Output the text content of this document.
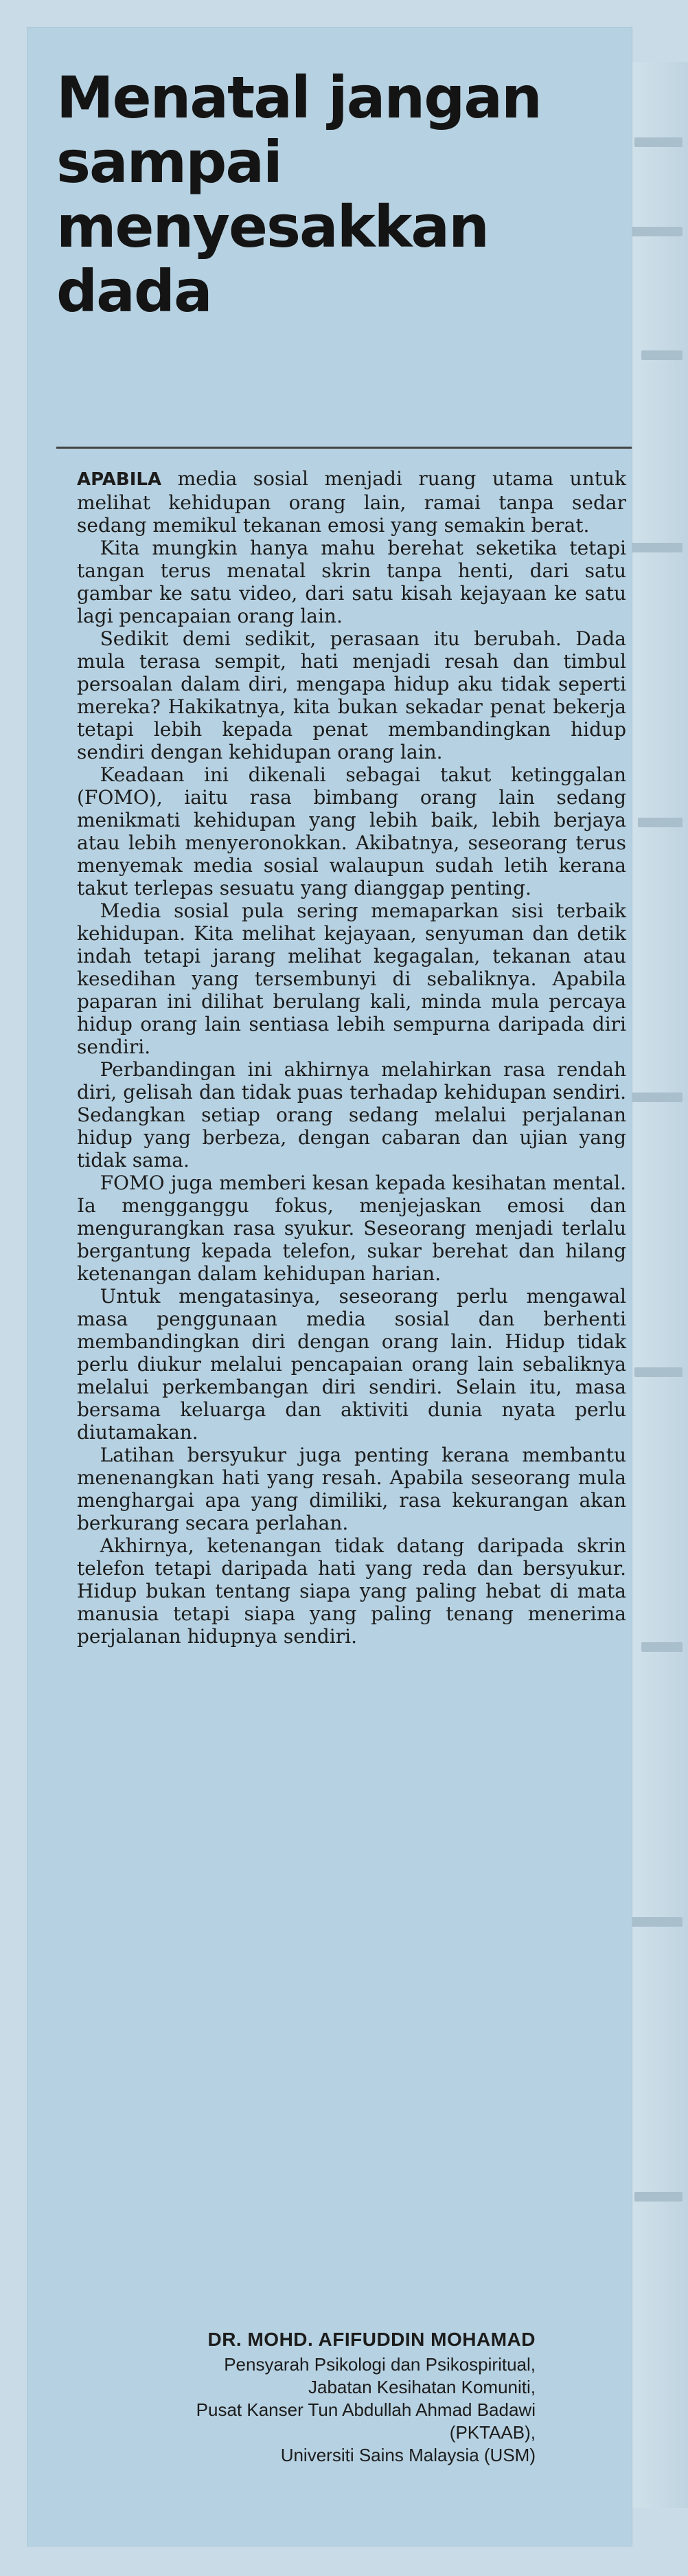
Menatal jangan sampai menyesakkan dada

APABILA media sosial menjadi ruang utama untuk melihat kehidupan orang lain, ramai tanpa sedar sedang memikul tekanan emosi yang semakin berat.

Kita mungkin hanya mahu berehat seketika tetapi tangan terus menatal skrin tanpa henti, dari satu gambar ke satu video, dari satu kisah kejayaan ke satu lagi pencapaian orang lain.

Sedikit demi sedikit, perasaan itu berubah. Dada mula terasa sempit, hati menjadi resah dan timbul persoalan dalam diri, mengapa hidup aku tidak seperti mereka? Hakikatnya, kita bukan sekadar penat bekerja tetapi lebih kepada penat membandingkan hidup sendiri dengan kehidupan orang lain.

Keadaan ini dikenali sebagai takut ketinggalan (FOMO), iaitu rasa bimbang orang lain sedang menikmati kehidupan yang lebih baik, lebih berjaya atau lebih menyeronokkan. Akibatnya, seseorang terus menyemak media sosial walaupun sudah letih kerana takut terlepas sesuatu yang dianggap penting.

Media sosial pula sering memaparkan sisi terbaik kehidupan. Kita melihat kejayaan, senyuman dan detik indah tetapi jarang melihat kegagalan, tekanan atau kesedihan yang tersembunyi di sebaliknya. Apabila paparan ini dilihat berulang kali, minda mula percaya hidup orang lain sentiasa lebih sempurna daripada diri sendiri.

Perbandingan ini akhirnya melahirkan rasa rendah diri, gelisah dan tidak puas terhadap kehidupan sendiri. Sedangkan setiap orang sedang melalui perjalanan hidup yang berbeza, dengan cabaran dan ujian yang tidak sama.

FOMO juga memberi kesan kepada kesihatan mental. Ia mengganggu fokus, menjejaskan emosi dan mengurangkan rasa syukur. Seseorang menjadi terlalu bergantung kepada telefon, sukar berehat dan hilang ketenangan dalam kehidupan harian.

Untuk mengatasinya, seseorang perlu mengawal masa penggunaan media sosial dan berhenti membandingkan diri dengan orang lain. Hidup tidak perlu diukur melalui pencapaian orang lain sebaliknya melalui perkembangan diri sendiri. Selain itu, masa bersama keluarga dan aktiviti dunia nyata perlu diutamakan.

Latihan bersyukur juga penting kerana membantu menenangkan hati yang resah. Apabila seseorang mula menghargai apa yang dimiliki, rasa kekurangan akan berkurang secara perlahan.

Akhirnya, ketenangan tidak datang daripada skrin telefon tetapi daripada hati yang reda dan bersyukur. Hidup bukan tentang siapa yang paling hebat di mata manusia tetapi siapa yang paling tenang menerima perjalanan hidupnya sendiri.

DR. MOHD. AFIFUDDIN MOHAMAD
Pensyarah Psikologi dan Psikospiritual,
Jabatan Kesihatan Komuniti,
Pusat Kanser Tun Abdullah Ahmad Badawi
(PKTAAB),
Universiti Sains Malaysia (USM)
